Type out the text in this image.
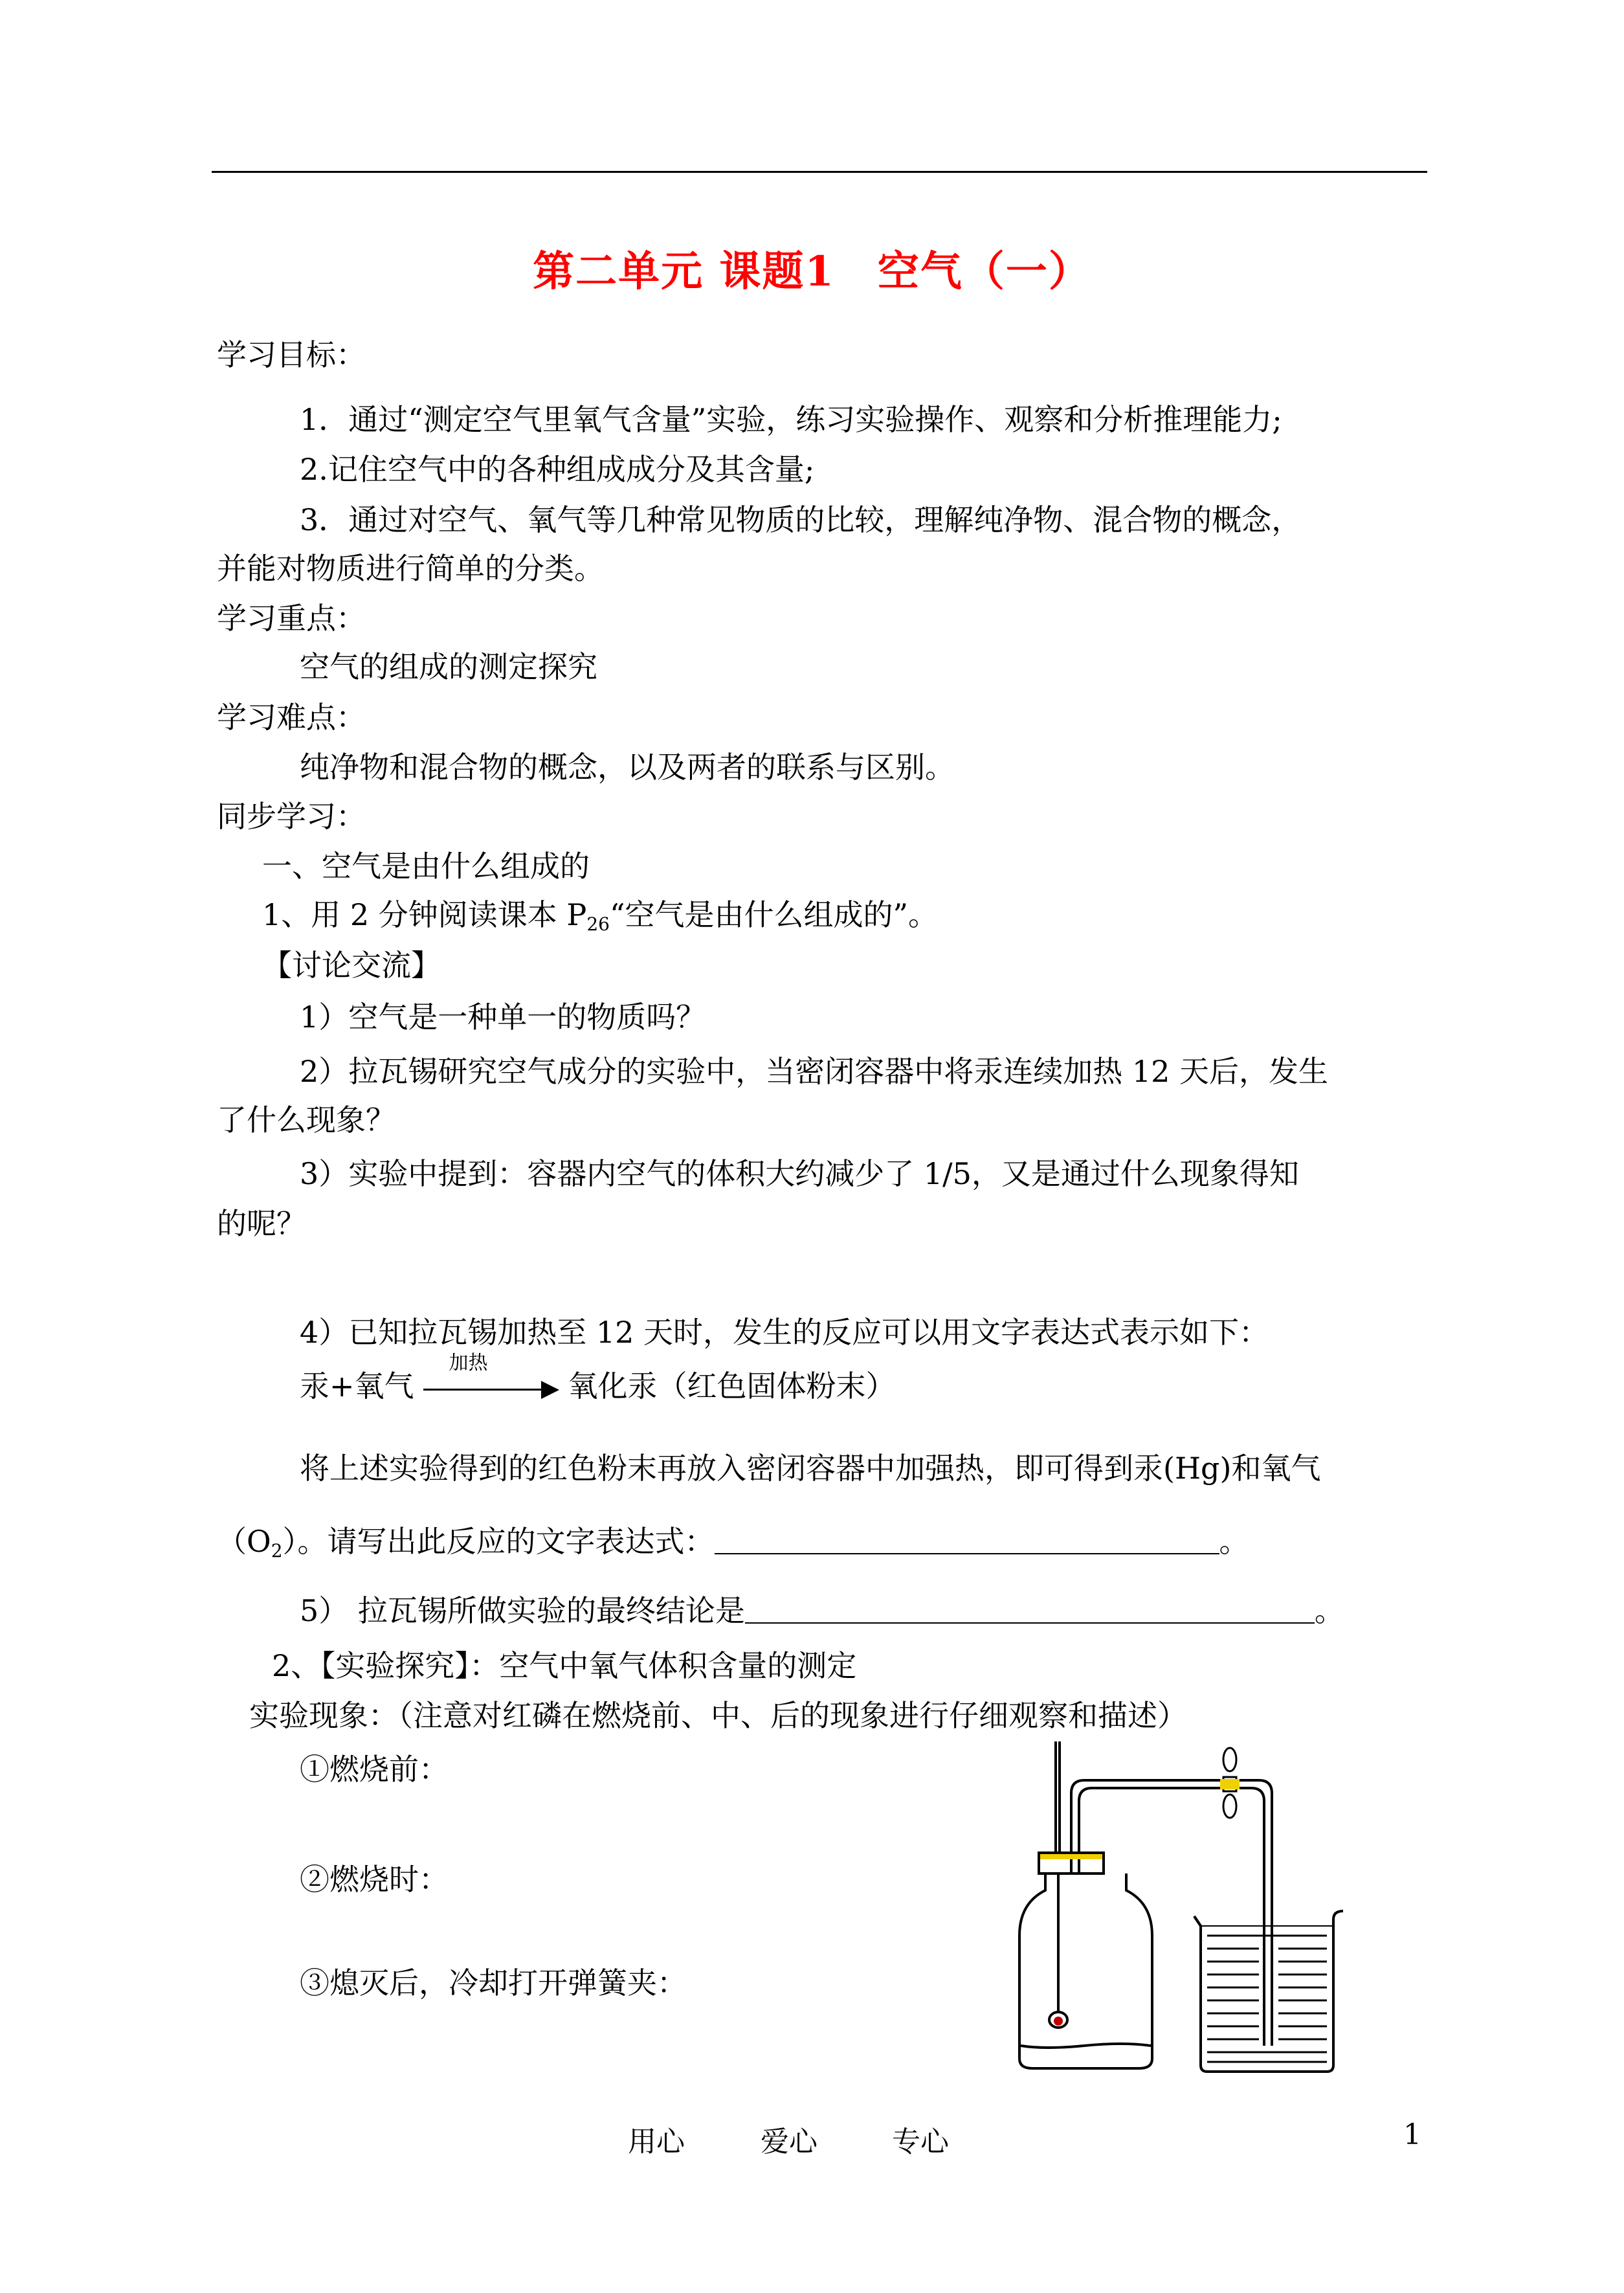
第二单元 课题1　空气（一）
学习目标：
1．通过“测定空气里氧气含量”实验，练习实验操作、观察和分析推理能力;
2.记住空气中的各种组成成分及其含量;
3．通过对空气、氧气等几种常见物质的比较，理解纯净物、混合物的概念，
并能对物质进行简单的分类。
学习重点：
空气的组成的测定探究
学习难点：
纯净物和混合物的概念，以及两者的联系与区别。
同步学习：
一、空气是由什么组成的
1、用 2 分钟阅读课本 $P_{26}“$空气是由什么组成的”。
【讨论交流】
1）空气是一种单一的物质吗？
2）拉瓦锡研究空气成分的实验中，当密闭容器中将汞连续加热 12 天后，发生
了什么现象？
3）实验中提到：容器内空气的体积大约减少了 1/5，又是通过什么现象得知
的呢？
4）已知拉瓦锡加热至 12 天时，发生的反应可以用文字表达式表示如下：
汞+氧气
加热
氧化汞（红色固体粉末）
将上述实验得到的红色粉末再放入密闭容器中加强热，即可得到汞(Hg)和氧气
$(O_2)$。请写出此反应的文字表达式：	。
5） 拉瓦锡所做实验的最终结论是	。
2、【实验探究】：空气中氧气体积含量的测定
实验现象：（注意对红磷在燃烧前、中、后的现象进行仔细观察和描述）
①燃烧前：
②燃烧时：
③熄灭后，冷却打开弹簧夹：
用心	爱心	专心	1
